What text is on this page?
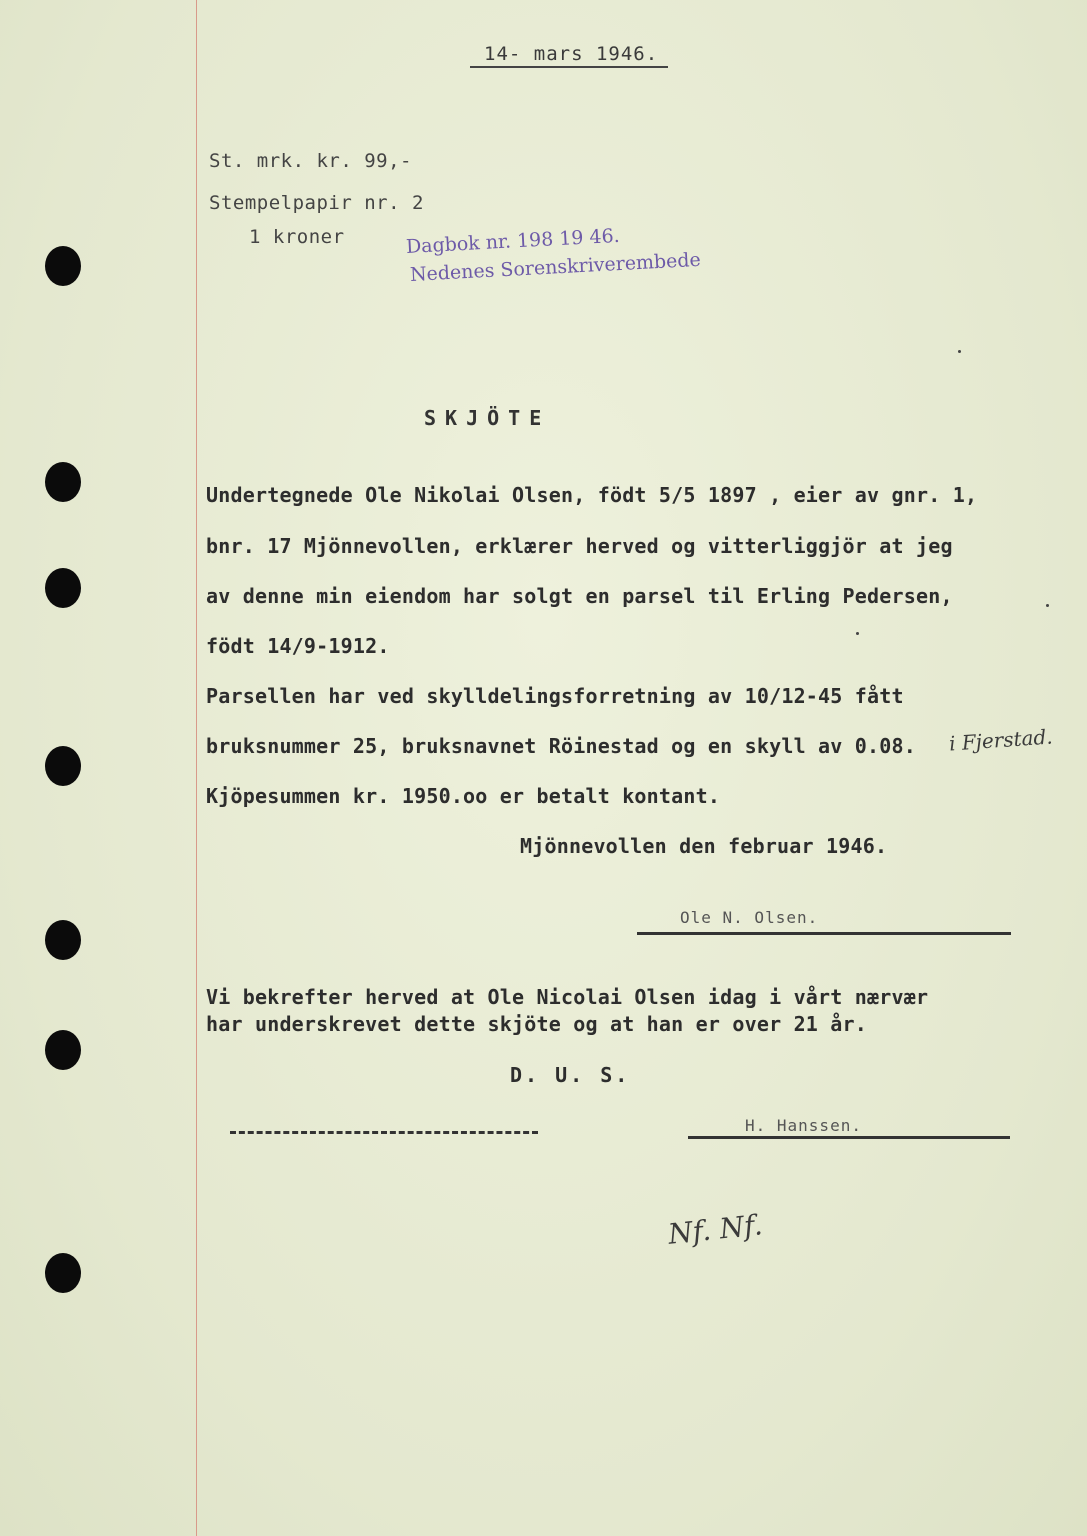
14- mars 1946.
St. mrk. kr. 99,-
Stempelpapir nr. 2
1 kroner	Dagbok nr. 198 19 46.
Nedenes Sorenskriverembede
SKJÖTE
Undertegnede Ole Nikolai Olsen, födt 5/5 1897 , eier av gnr. 1,
bnr. 17 Mjönnevollen, erklærer herved og vitterliggjör at jeg
av denne min eiendom har solgt en parsel til Erling Pedersen,
födt 14/9-1912.
Parsellen har ved skylldelingsforretning av 10/12-45 fått
bruksnummer 25, bruksnavnet Röinestad og en skyll av 0.08. i Fjerstad.
Kjöpesummen kr. 1950.oo er betalt kontant.
Mjönnevollen den februar 1946.
Ole N. Olsen.
Vi bekrefter herved at Ole Nicolai Olsen idag i vårt nærvær
har underskrevet dette skjöte og at han er over 21 år.
D. U. S.
H. Hanssen.
Nf. Nf.
